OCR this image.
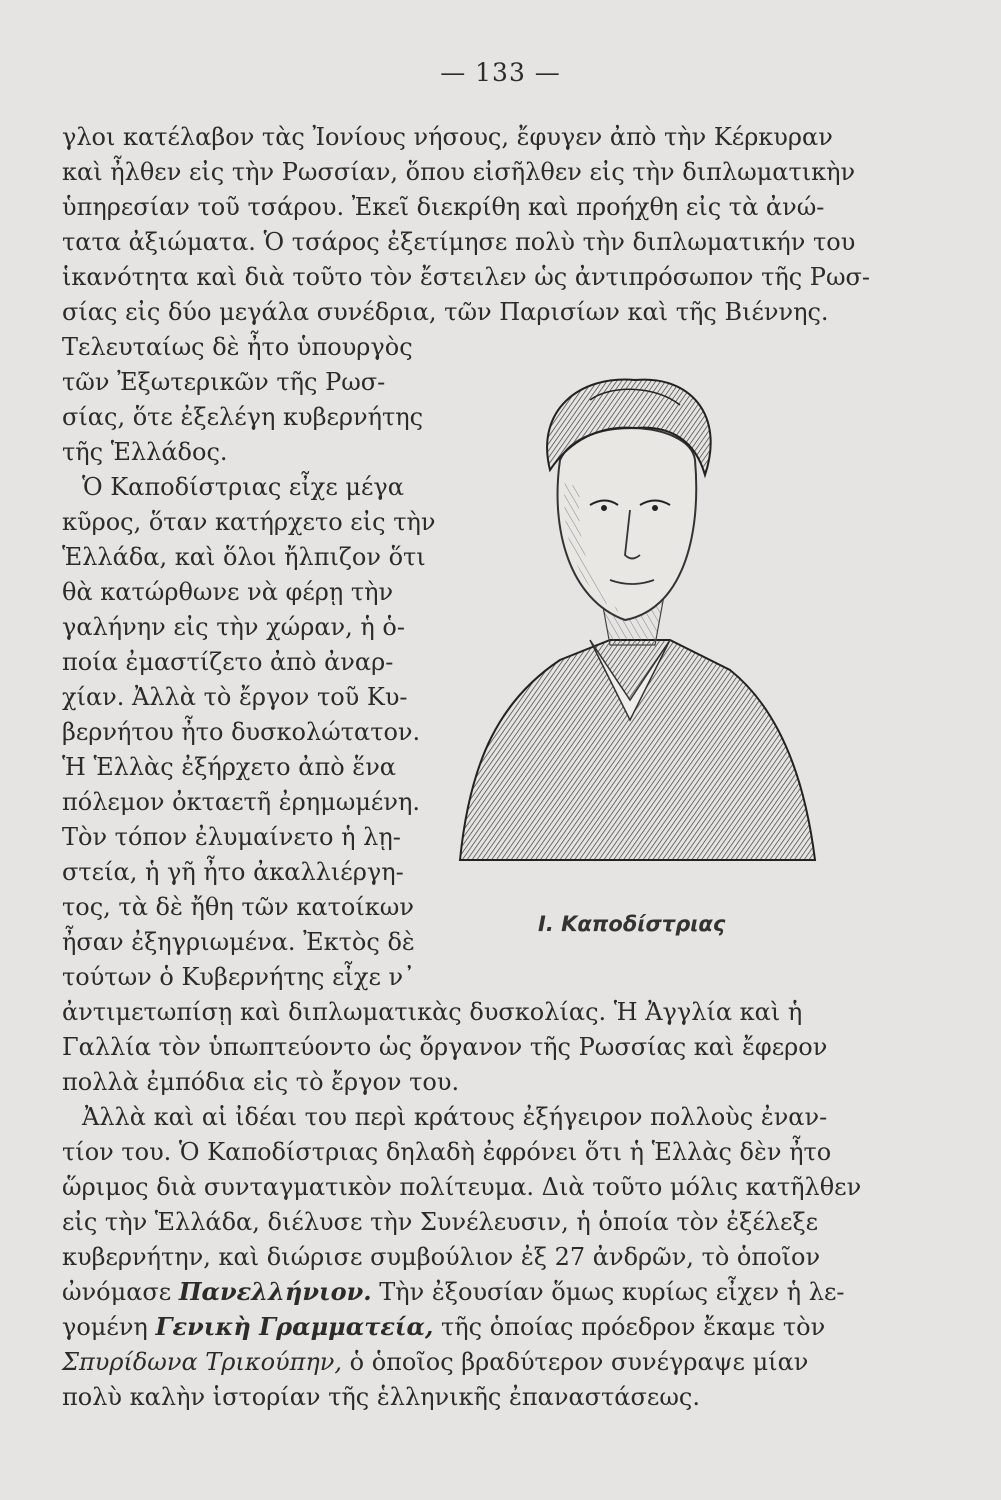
— 133 —
γλοι κατέλαβον τὰς Ἰονίους νήσους, ἔφυγεν ἀπὸ τὴν Κέρκυραν
καὶ ἦλθεν εἰς τὴν Ρωσσίαν, ὅπου εἰσῆλθεν εἰς τὴν διπλωματικὴν
ὑπηρεσίαν τοῦ τσάρου. Ἐκεῖ διεκρίθη καὶ προήχθη εἰς τὰ ἀνώ-
τατα ἀξιώματα. Ὁ τσάρος ἐξετίμησε πολὺ τὴν διπλωματικήν του
ἱκανότητα καὶ διὰ τοῦτο τὸν ἔστειλεν ὡς ἀντιπρόσωπον τῆς Ρωσ-
σίας εἰς δύο μεγάλα συνέδρια, τῶν Παρισίων καὶ τῆς Βιέννης.
Τελευταίως δὲ ἦτο ὑπουργὸς
τῶν Ἐξωτερικῶν τῆς Ρωσ-
σίας, ὅτε ἐξελέγη κυβερνήτης
τῆς Ἑλλάδος.
Ὁ Καποδίστριας εἶχε μέγα
κῦρος, ὅταν κατήρχετο εἰς τὴν
Ἑλλάδα, καὶ ὅλοι ἤλπιζον ὅτι
θὰ κατώρθωνε νὰ φέρῃ τὴν
γαλήνην εἰς τὴν χώραν, ἡ ὁ-
ποία ἐμαστίζετο ἀπὸ ἀναρ-
χίαν. Ἀλλὰ τὸ ἔργον τοῦ Κυ-
βερνήτου ἦτο δυσκολώτατον.
Ἡ Ἑλλὰς ἐξήρχετο ἀπὸ ἕνα
πόλεμον ὀκταετῆ ἐρημωμένη.
Τὸν τόπον ἐλυμαίνετο ἡ λῃ-
στεία, ἡ γῆ ἦτο ἀκαλλιέργη-
τος, τὰ δὲ ἤθη τῶν κατοίκων
ἦσαν ἐξηγριωμένα. Ἐκτὸς δὲ
τούτων ὁ Κυβερνήτης εἶχε ν᾽
ἀντιμετωπίσῃ καὶ διπλωματικὰς δυσκολίας. Ἡ Ἀγγλία καὶ ἡ
Γαλλία τὸν ὑπωπτεύοντο ὡς ὄργανον τῆς Ρωσσίας καὶ ἔφερον
πολλὰ ἐμπόδια εἰς τὸ ἔργον του.
Ἀλλὰ καὶ αἱ ἰδέαι του περὶ κράτους ἐξήγειρον πολλοὺς ἐναν-
τίον του. Ὁ Καποδίστριας δηλαδὴ ἐφρόνει ὅτι ἡ Ἑλλὰς δὲν ἦτο
ὥριμος διὰ συνταγματικὸν πολίτευμα. Διὰ τοῦτο μόλις κατῆλθεν
εἰς τὴν Ἑλλάδα, διέλυσε τὴν Συνέλευσιν, ἡ ὁποία τὸν ἐξέλεξε
κυβερνήτην, καὶ διώρισε συμβούλιον ἐξ 27 ἀνδρῶν, τὸ ὁποῖον
ὠνόμασε Πανελλήνιον. Τὴν ἐξουσίαν ὅμως κυρίως εἶχεν ἡ λε-
γομένη Γενικὴ Γραμματεία, τῆς ὁποίας πρόεδρον ἔκαμε τὸν
Σπυρίδωνα Τρικούπην, ὁ ὁποῖος βραδύτερον συνέγραψε μίαν
πολὺ καλὴν ἱστορίαν τῆς ἑλληνικῆς ἐπαναστάσεως.
Ι. Καποδίστριας
